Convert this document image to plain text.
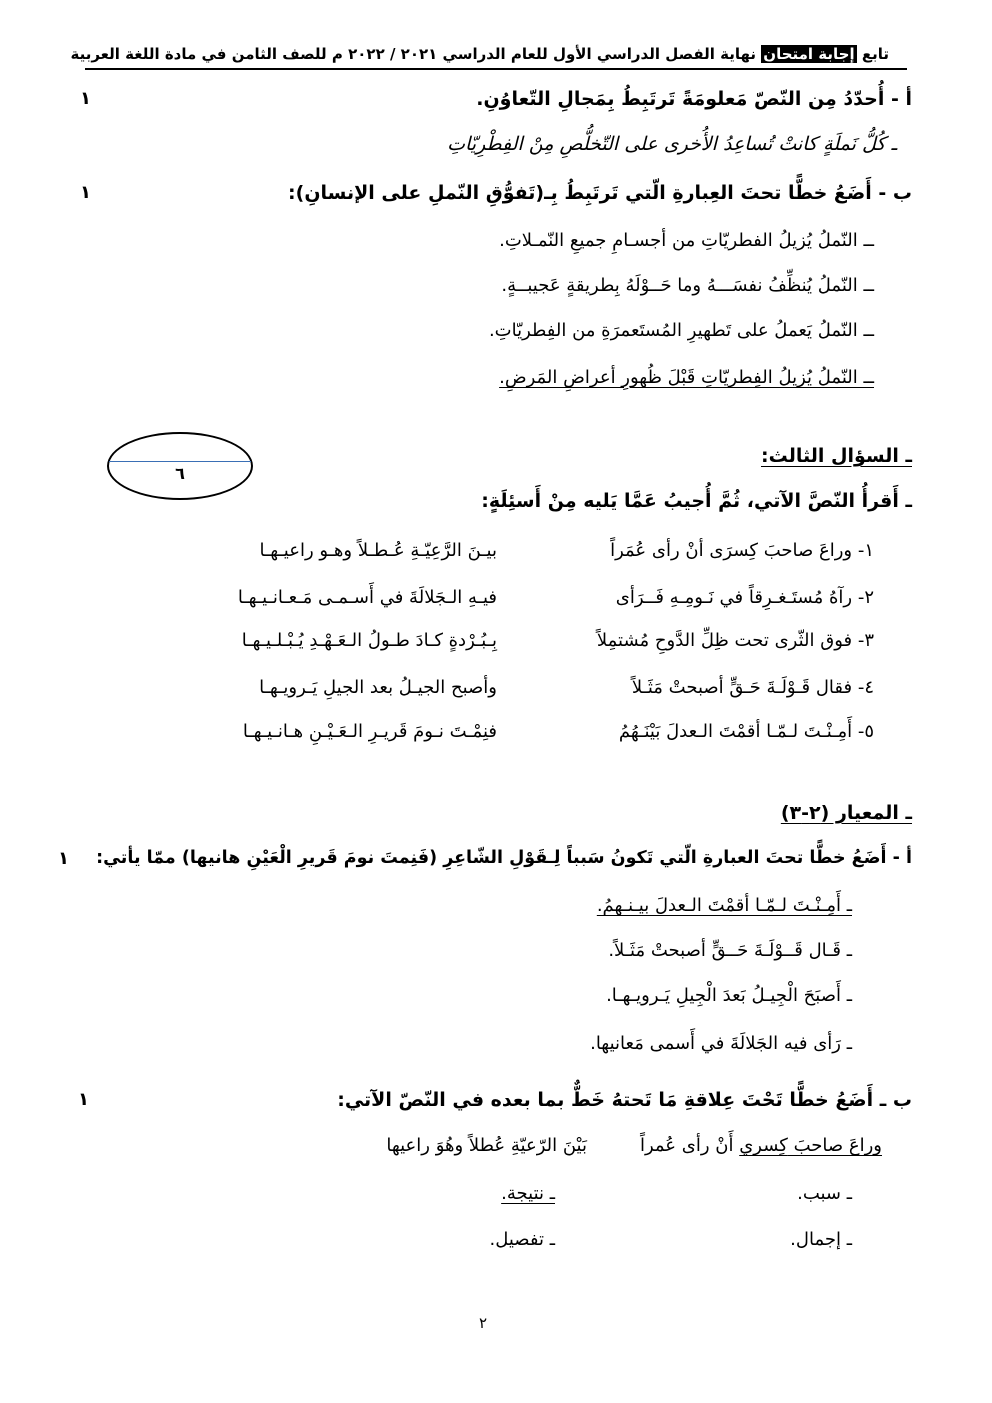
تابع إجابة امتحان نهاية الفصل الدراسي الأول للعام الدراسي ٢٠٢١ / ٢٠٢٢ م للصف الثامن في مادة اللغة العربية
أ - أُحدّدُ مِن النّصّ مَعلومَةً تَرتَبِطُ بِمَجالِ التّعاوُنِ.
١
ـ كُلُّ نَملَةٍ كانتْ تُساعِدُ الأُخرى على التّخلُّصِ مِنْ الفِطْرِيّاتِ
ب - أَضَعُ خطًّا تحتَ العِبارةِ الّتي تَرتَبِطُ بِـ(تَفوُّقِ النّملِ على الإنسانِ):
١
ــ النّملُ يُزيلُ الفطريّاتِ من أجسـامِ جميعِ النّمـلاتِ.
ــ النّملُ يُنظِّفُ نفسَـــهُ وما حَــوْلَهُ بِطريقةٍ عَجيبــةٍ.
ــ النّملُ يَعملُ على تَطهيرِ المُستَعمرَةِ من الفِطريّاتِ.
ــ النّملُ يُزيلُ الفِطريّاتِ قَبْلَ ظُهورِ أعراضِ المَرضِ.
٦
ـ السؤال الثالث:
ـ أَقرأُ النّصَّ الآتي، ثُمَّ أُجيبُ عَمَّا يَليه مِنْ أَسئِلَةٍ:
١- وراعَ صاحبَ كِسرَى أنْ رأى عُمَراً
بيـنَ الرَّعِيّـةِ عُـطـلاً وهـو راعيـهـا
٢- رآهُ مُستَـغـرِقاً في نَـومِـهِ فَــرَأى
فيـهِ الـجَلالَةَ في أَسـمـى مَـعـانـيـهـا
٣- فوق الثّرى تحت ظِلِّ الدَّوحِ مُشتمِلاً
بِـبُـرْدةٍ كـادَ طـولُ الـعَـهْـدِ يُـبْـلـيـهـا
٤- فقال قَـوْلَـةَ حَـقٍّ أصبحتْ مَثَـلاً
وأصبح الجيـلُ بعد الجيلِ يَـرويـهـا
٥- أَمِـنْـتَ لـمّـا أقمْتَ الـعدلَ بَيْنَـهُمُ
فنِمْـتَ نـومَ قَريـرِ الـعَـيْـنِ هـانـيـهـا
ـ المعيار (٢-٣)
أ - أَضَعُ خطًّا تحتَ العبارةِ الّتي تَكونُ سَبباً لِـقَوْلِ الشّاعِرِ (فَنِمتَ نومَ قَريرِ الْعَيْنِ هانيها) ممّا يأتي:
١
ـ أَمِـنْـتَ لـمّـا أقمْتَ الـعدلَ بيـنـهمُ.
ـ قَـال قَــوْلَـةَ حَــقٍّ أصبحتْ مَثَـلاً.
ـ أَصبَحَ الْجِيـلُ بَعدَ الْجِيلِ يَـرويـهـا.
ـ رَأى فيه الجَلالَةَ في أَسمى مَعانيها.
ب ـ أَضَعُ خطًّا تَحْتَ عِلاقةِ مَا تَحتهُ خَطٌّ بما بعده في النّصّ الآتي:
١
وراعَ صاحبَ كِسري أَنْ رأى عُمراً
بَيْنَ الرّعيّةِ عُطلاً وهُوَ راعيها
ـ سبب.
ـ نتيجة.
ـ إجمال.
ـ تفصيل.
٢
